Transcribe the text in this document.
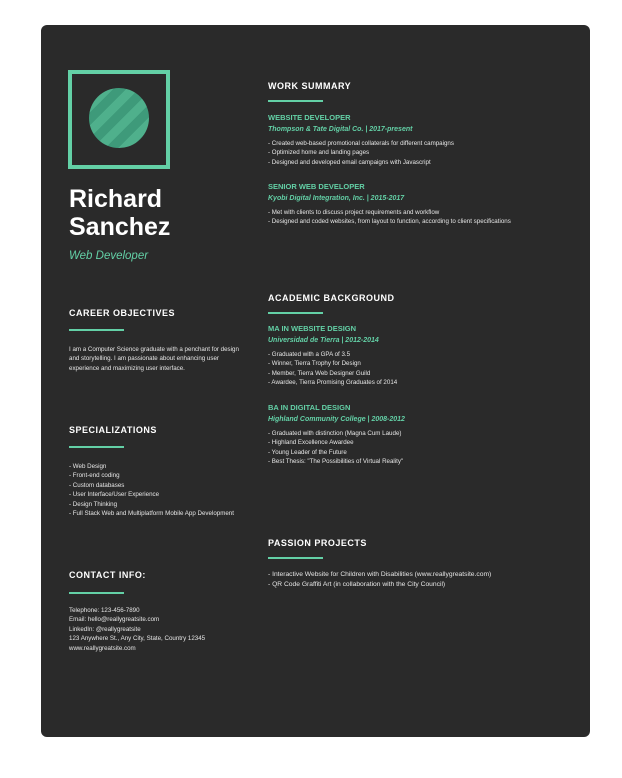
Richard
Sanchez
Web Developer
CAREER OBJECTIVES
I am a Computer Science graduate with a penchant for design and storytelling. I am passionate about enhancing user experience and maximizing user interface.
SPECIALIZATIONS
- Web Design
- Front-end coding
- Custom databases
- User Interface/User Experience
- Design Thinking
- Full Stack Web and Multiplatform Mobile App Development
CONTACT INFO:
Telephone: 123-456-7890
Email: hello@reallygreatsite.com
LinkedIn: @reallygreatsite
123 Anywhere St., Any City, State, Country 12345
www.reallygreatsite.com
WORK SUMMARY
WEBSITE DEVELOPER
Thompson & Tate Digital Co. | 2017-present
- Created web-based promotional collaterals for different campaigns
- Optimized home and landing pages
- Designed and developed email campaigns with Javascript
SENIOR WEB DEVELOPER
Kyobi Digital Integration, Inc. | 2015-2017
- Met with clients to discuss project requirements and workflow
- Designed and coded websites, from layout to function, according to client specifications
ACADEMIC BACKGROUND
MA IN WEBSITE DESIGN
Universidad de Tierra | 2012-2014
- Graduated with a GPA of 3.5
- Winner, Tierra Trophy for Design
- Member, Tierra Web Designer Guild
- Awardee, Tierra Promising Graduates of 2014
BA IN DIGITAL DESIGN
Highland Community College | 2008-2012
- Graduated with distinction (Magna Cum Laude)
- Highland Excellence Awardee
- Young Leader of the Future
- Best Thesis: "The Possibilities of Virtual Reality"
PASSION PROJECTS
- Interactive Website for Children with Disabilities (www.reallygreatsite.com)
- QR Code Graffiti Art (in collaboration with the City Council)
